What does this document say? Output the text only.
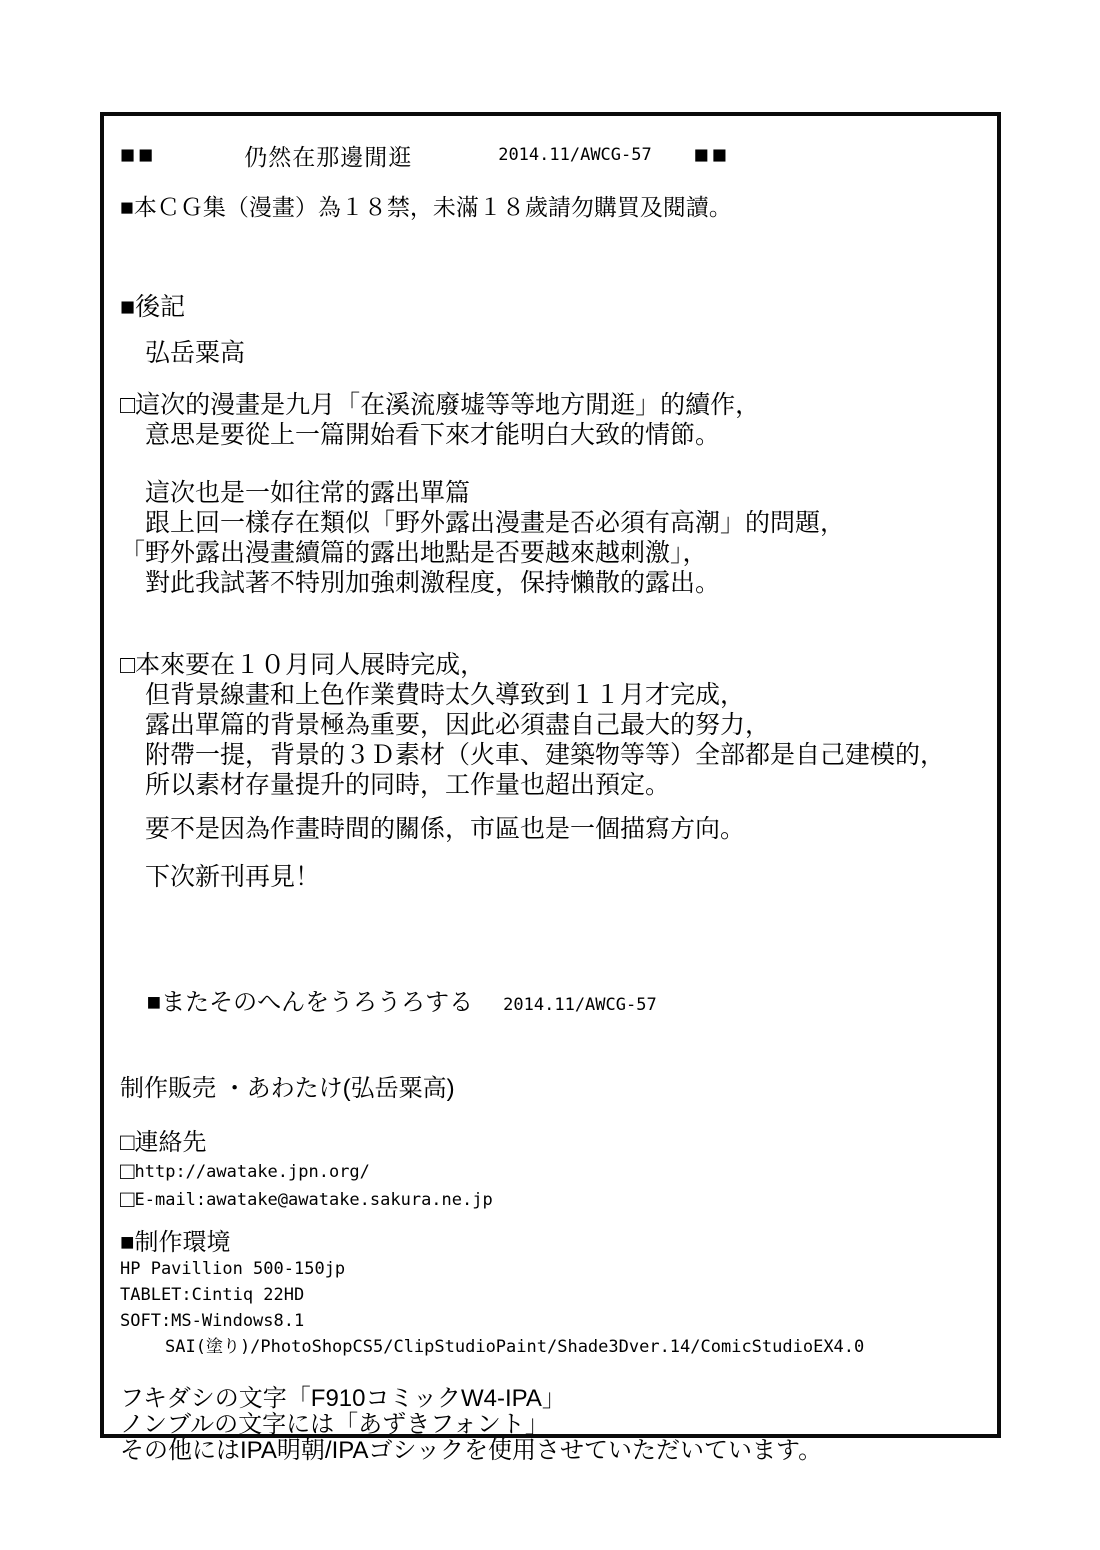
■■	仍然在那邊閒逛	2014.11/AWCG-57 ■■
■本ＣＧ集（漫畫）為１８禁，未滿１８歲請勿購買及閱讀。
■後記
弘岳粟高
□這次的漫畫是九月「在溪流廢墟等等地方閒逛」的續作，
意思是要從上一篇開始看下來才能明白大致的情節。
這次也是一如往常的露出單篇
跟上回一樣存在類似「野外露出漫畫是否必須有高潮」的問題，
「野外露出漫畫續篇的露出地點是否要越來越刺激」，
對此我試著不特別加強刺激程度，保持懶散的露出。
□本來要在１０月同人展時完成，
但背景線畫和上色作業費時太久導致到１１月才完成，
露出單篇的背景極為重要，因此必須盡自己最大的努力，
附帶一提，背景的３Ｄ素材（火車、建築物等等）全部都是自己建模的，
所以素材存量提升的同時，工作量也超出預定。
要不是因為作畫時間的關係，市區也是一個描寫方向。
下次新刊再見！

■またそのへんをうろうろする 2014.11/AWCG-57

制作販売 ・あわたけ(弘岳粟高)
□連絡先
□ http://awatake.jpn.org/
□ E-mail:awatake@awatake.sakura.ne.jp
■制作環境
HP Pavillion 500-150jp
TABLET:Cintiq 22HD
SOFT:MS-Windows8.1
SAI(塗り)/PhotoShopCS5/ClipStudioPaint/Shade3Dver.14/ComicStudioEX4.0
フキダシの文字「F910コミックW4-IPA」
ノンブルの文字には「あずきフォント」
その他にはIPA明朝/IPAゴシックを使用させていただいています。
